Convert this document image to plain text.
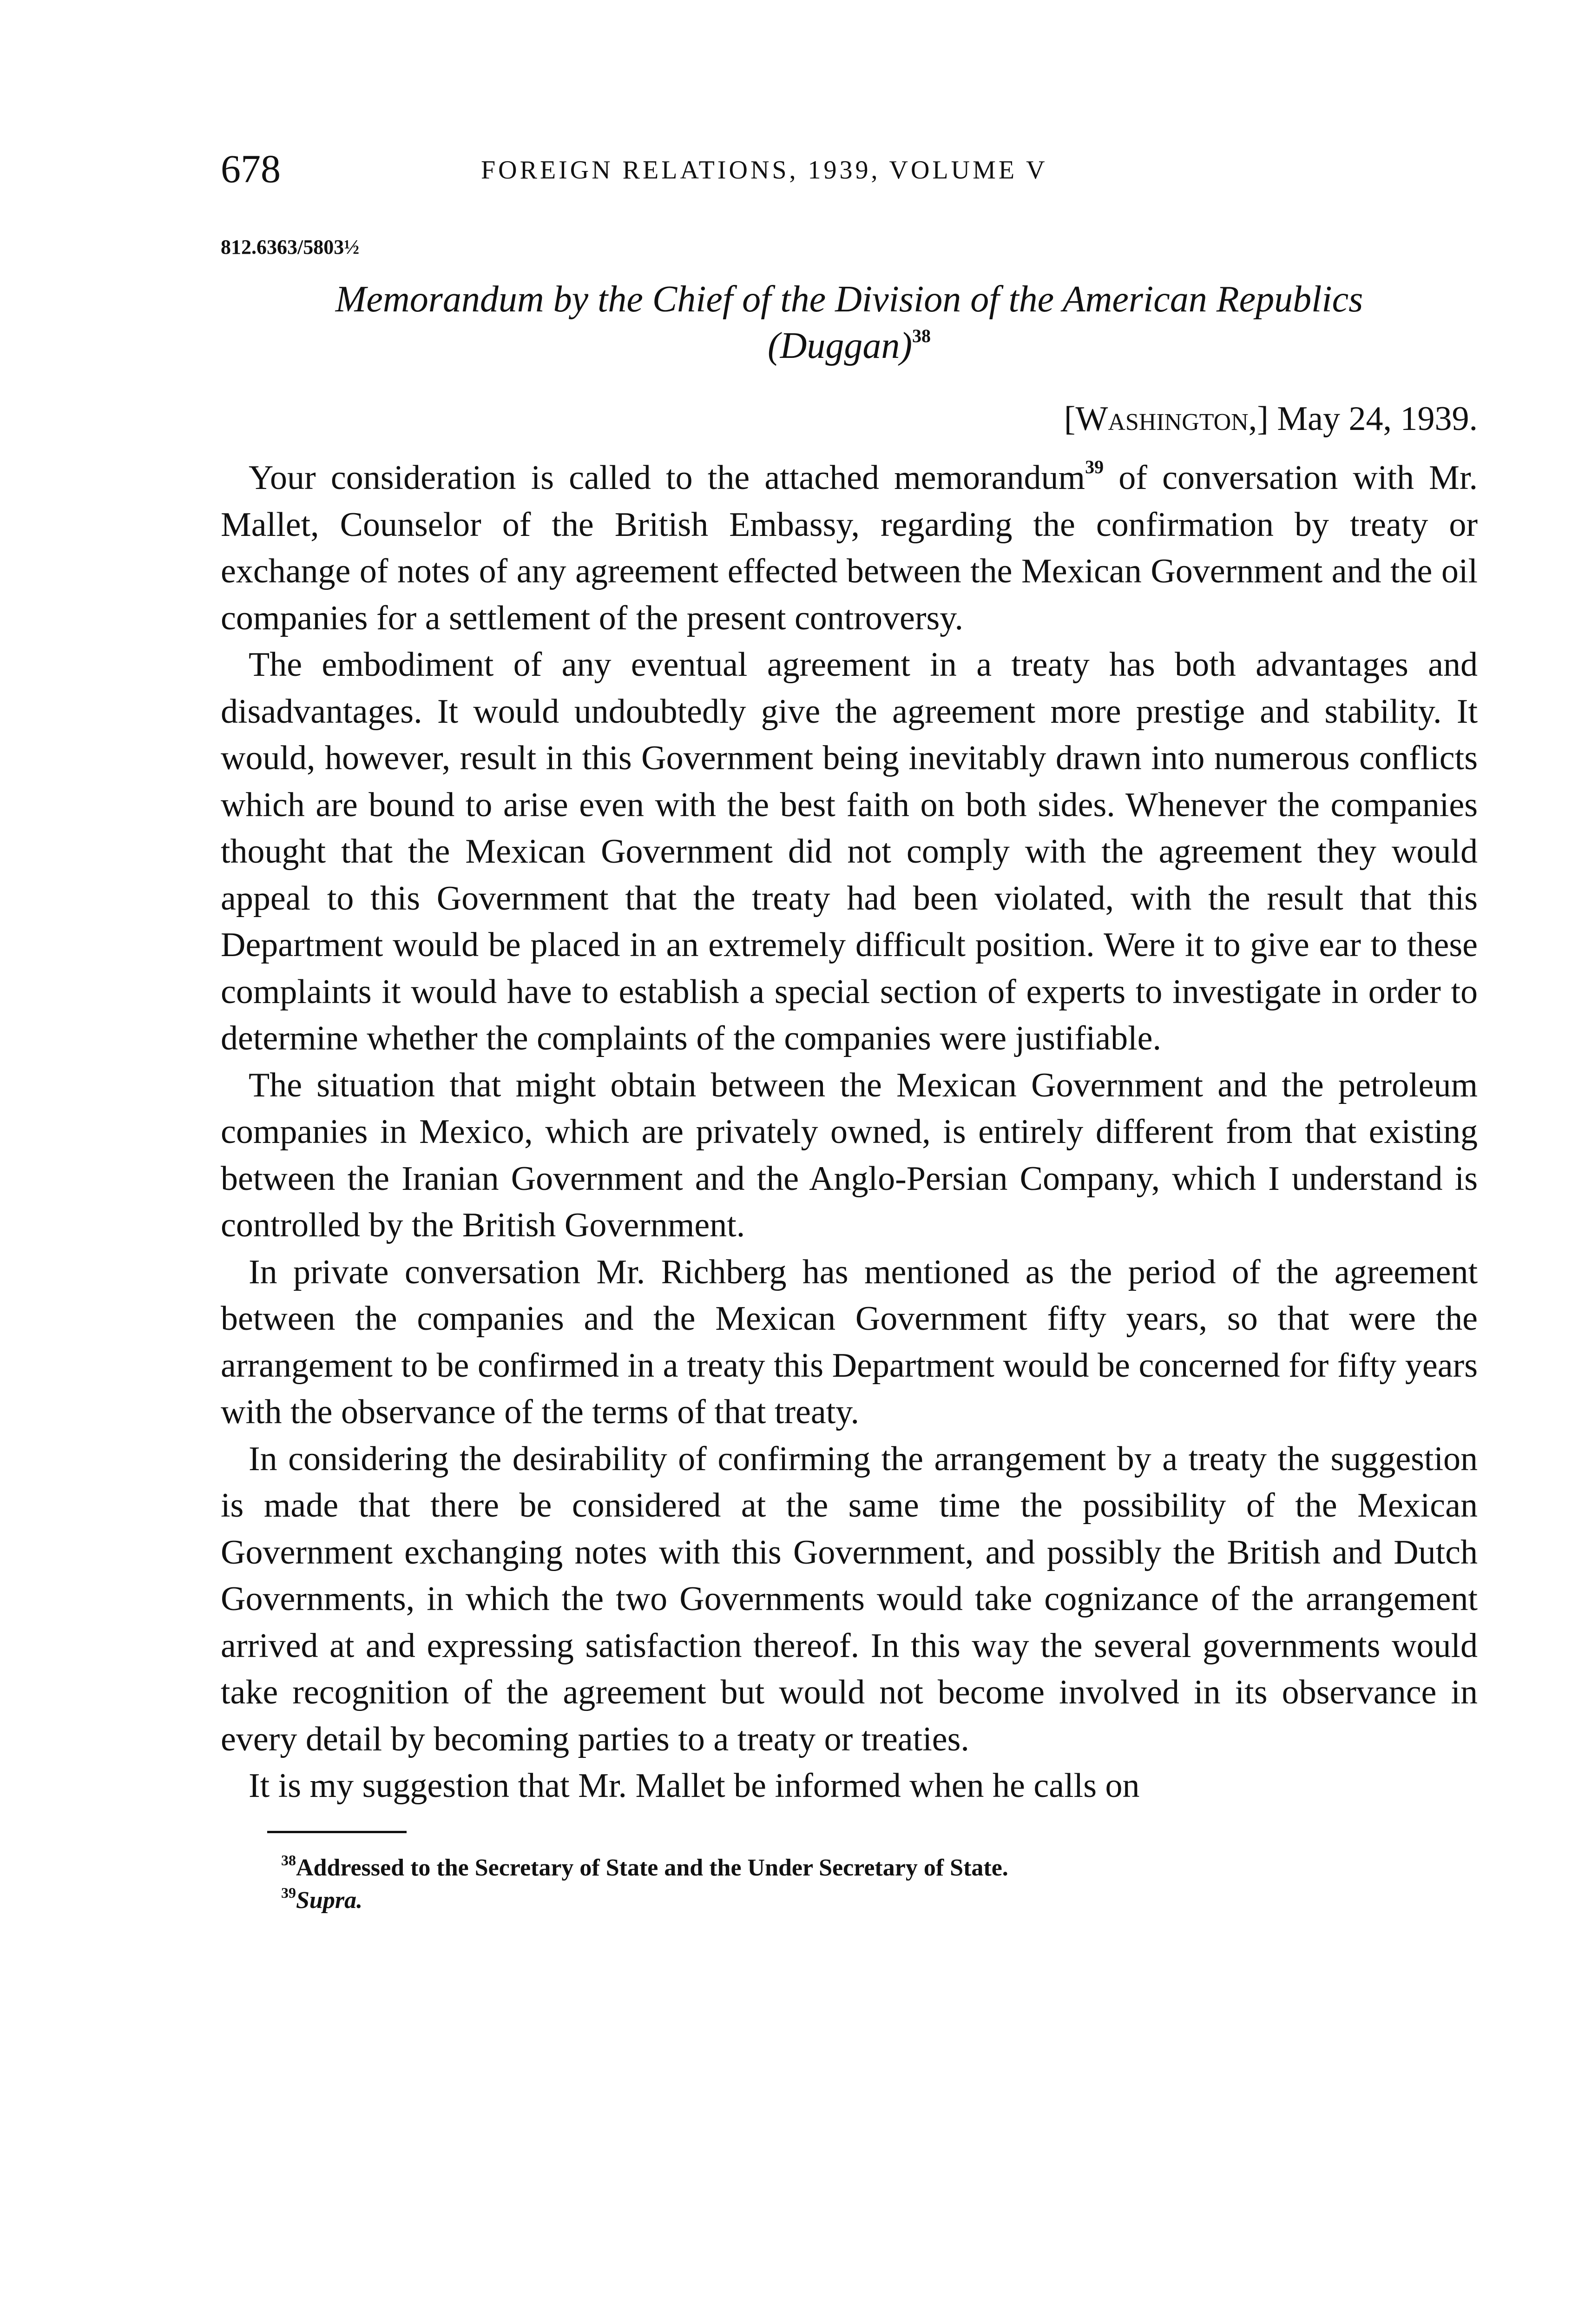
678	FOREIGN RELATIONS, 1939, VOLUME V
812.6363/5803½
Memorandum by the Chief of the Division of the American Republics
(Duggan)$^{38}$
[Washington,] May 24, 1939.

Your consideration is called to the attached memorandum$^{39}$ of conversation with Mr. Mallet, Counselor of the British Embassy, regarding the confirmation by treaty or exchange of notes of any agreement effected between the Mexican Government and the oil companies for a settlement of the present controversy.

The embodiment of any eventual agreement in a treaty has both advantages and disadvantages. It would undoubtedly give the agreement more prestige and stability. It would, however, result in this Government being inevitably drawn into numerous conflicts which are bound to arise even with the best faith on both sides. Whenever the companies thought that the Mexican Government did not comply with the agreement they would appeal to this Government that the treaty had been violated, with the result that this Department would be placed in an extremely difficult position. Were it to give ear to these complaints it would have to establish a special section of experts to investigate in order to determine whether the complaints of the companies were justifiable.

The situation that might obtain between the Mexican Government and the petroleum companies in Mexico, which are privately owned, is entirely different from that existing between the Iranian Government and the Anglo-Persian Company, which I understand is controlled by the British Government.

In private conversation Mr. Richberg has mentioned as the period of the agreement between the companies and the Mexican Government fifty years, so that were the arrangement to be confirmed in a treaty this Department would be concerned for fifty years with the observance of the terms of that treaty.

In considering the desirability of confirming the arrangement by a treaty the suggestion is made that there be considered at the same time the possibility of the Mexican Government exchanging notes with this Government, and possibly the British and Dutch Governments, in which the two Governments would take cognizance of the arrangement arrived at and expressing satisfaction thereof. In this way the several governments would take recognition of the agreement but would not become involved in its observance in every detail by becoming parties to a treaty or treaties.

It is my suggestion that Mr. Mallet be informed when he calls on

$^{38}$Addressed to the Secretary of State and the Under Secretary of State.
$^{39}$Supra.
